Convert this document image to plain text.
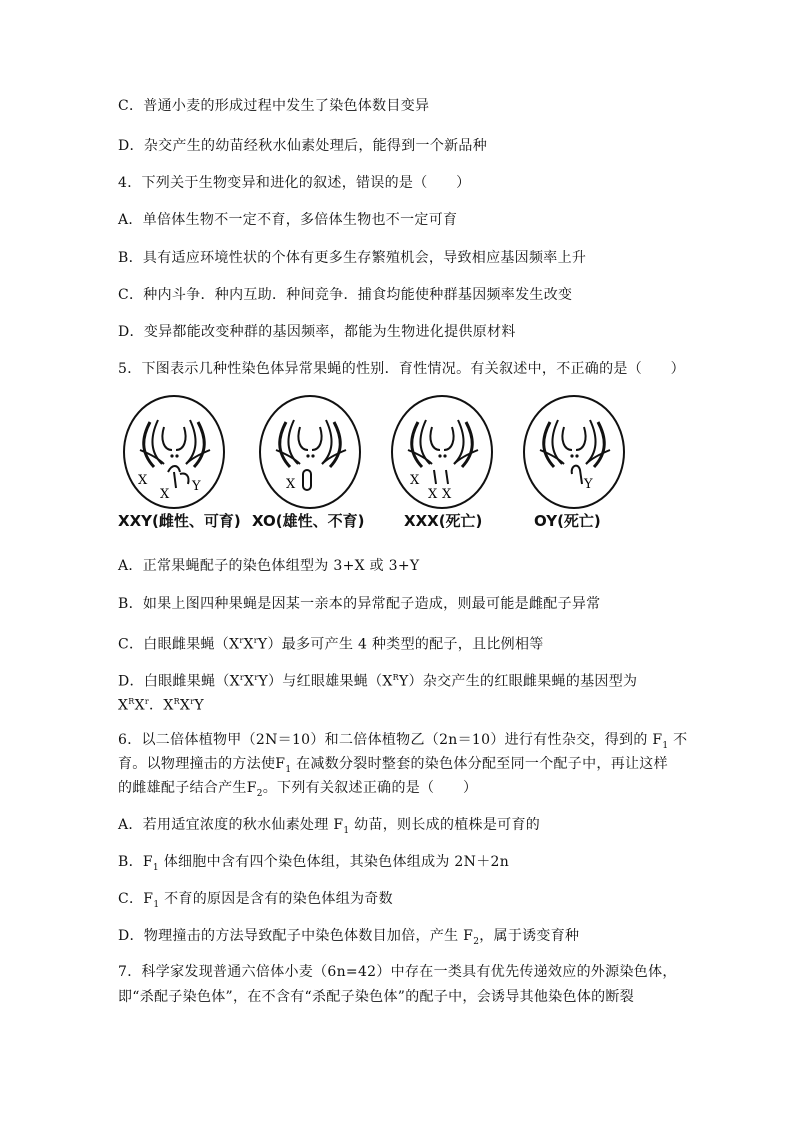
C．普通小麦的形成过程中发生了染色体数目变异
D．杂交产生的幼苗经秋水仙素处理后，能得到一个新品种
4．下列关于生物变异和进化的叙述，错误的是（　　）
A．单倍体生物不一定不育，多倍体生物也不一定可育
B．具有适应环境性状的个体有更多生存繁殖机会，导致相应基因频率上升
C．种内斗争．种内互助．种间竞争．捕食均能使种群基因频率发生改变
D．变异都能改变种群的基因频率，都能为生物进化提供原材料
5．下图表示几种性染色体异常果蝇的性别．育性情况。有关叙述中，不正确的是（　　）
X
X
Y
XXY(雌性、可育)
X
XO(雄性、不育)
X
X X
XXX(死亡)
Y
OY(死亡)
A．正常果蝇配子的染色体组型为 3+X 或 3+Y
B．如果上图四种果蝇是因某一亲本的异常配子造成，则最可能是雌配子异常
C．白眼雌果蝇$(X^rX^rY)$最多可产生 4 种类型的配子，且比例相等
D．白眼雌果蝇$(X^rX^rY)$与红眼雄果蝇$(X^RY)$杂交产生的红眼雌果蝇的基因型为
$X^RX^r$．$X^RX^rY$
6．以二倍体植物甲（2N＝10）和二倍体植物乙（2n＝10）进行有性杂交，得到的 $F_1$ 不
育。以物理撞击的方法使$F_1$ 在减数分裂时整套的染色体分配至同一个配子中，再让这样
的雌雄配子结合产生$F_2$。下列有关叙述正确的是（　　）
A．若用适宜浓度的秋水仙素处理 $F_1$ 幼苗，则长成的植株是可育的
B．$F_1$ 体细胞中含有四个染色体组，其染色体组成为 2N＋2n
C．$F_1$ 不育的原因是含有的染色体组为奇数
D．物理撞击的方法导致配子中染色体数目加倍，产生 $F_2$，属于诱变育种
7．科学家发现普通六倍体小麦（6n=42）中存在一类具有优先传递效应的外源染色体，
即“杀配子染色体”，在不含有“杀配子染色体”的配子中，会诱导其他染色体的断裂
